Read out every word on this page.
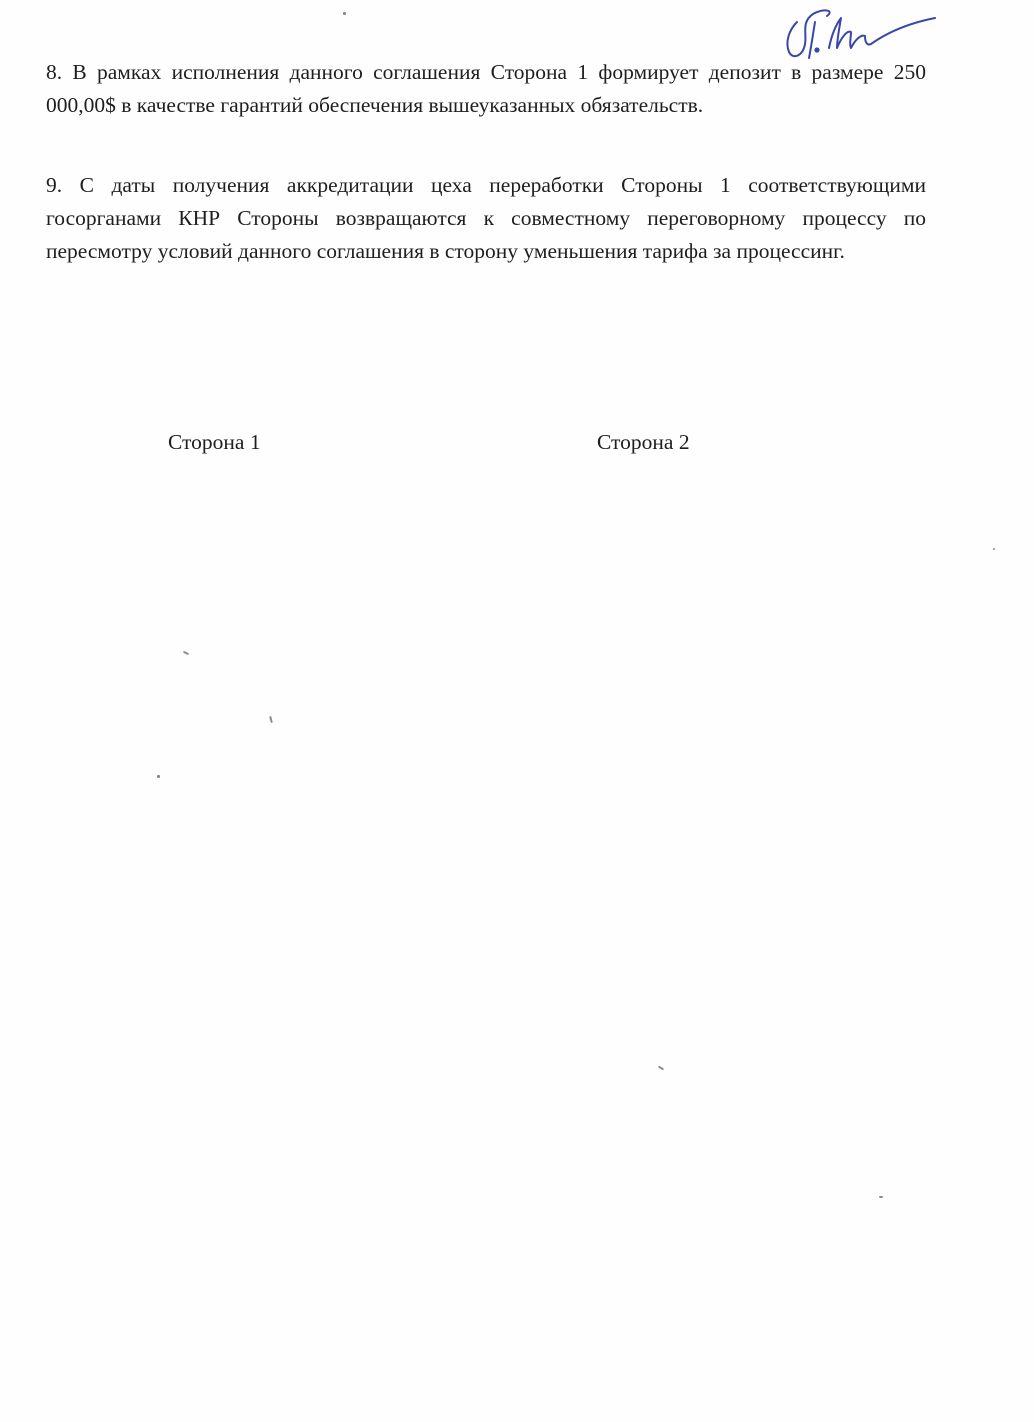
8. В рамках исполнения данного соглашения Сторона 1 формирует депозит в размере 250 000,00$ в качестве гарантий обеспечения вышеуказанных обязательств.

9. С даты получения аккредитации цеха переработки Стороны 1 соответствующими госорганами КНР Стороны возвращаются к совместному переговорному процессу по пересмотру условий данного соглашения в сторону уменьшения тарифа за процессинг.

Сторона 1	Сторона 2
